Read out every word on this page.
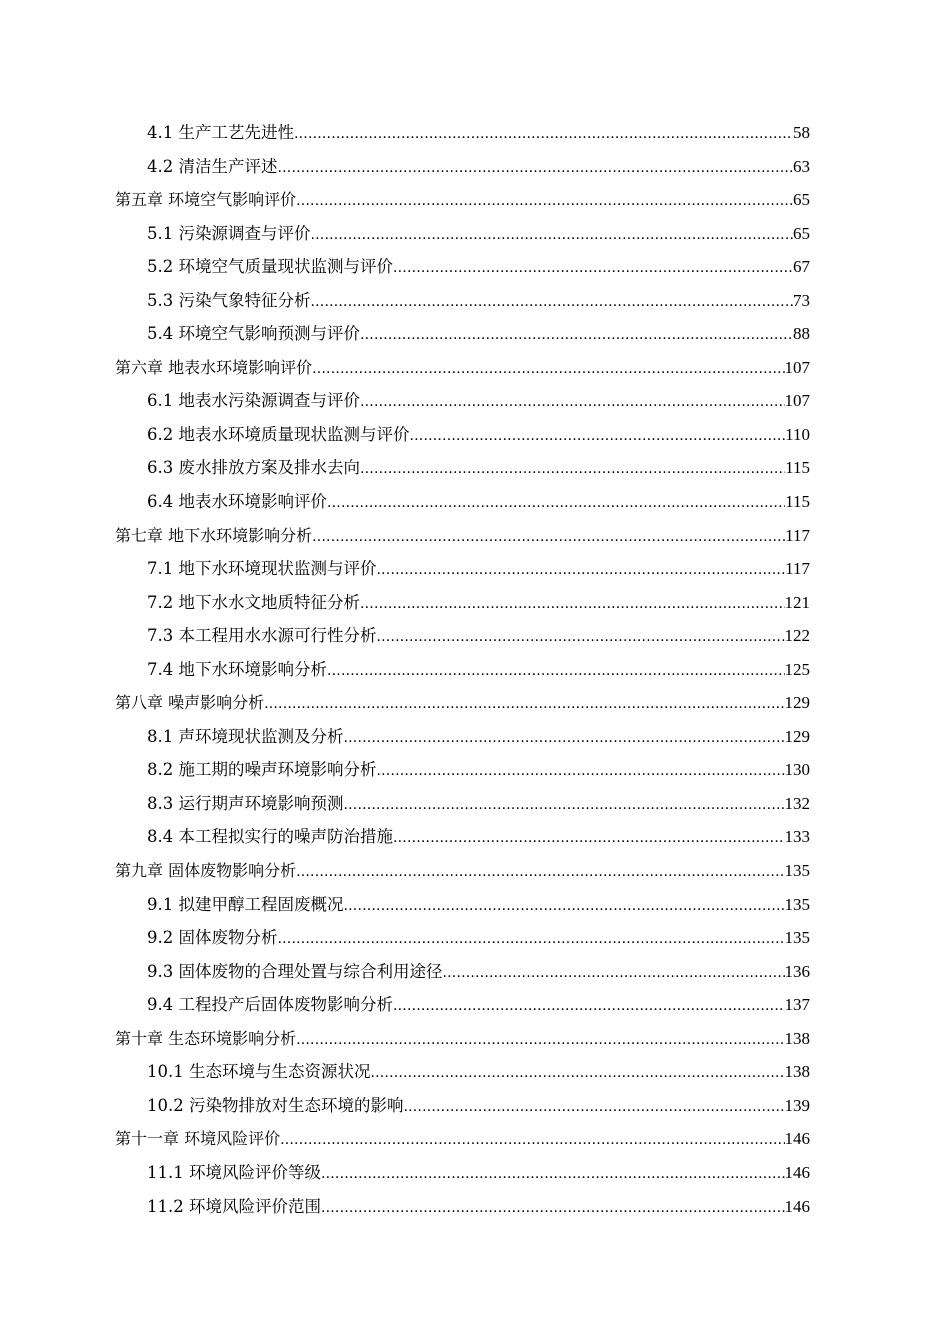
4.1 生产工艺先进性 .....	58
4.2 清洁生产评述 .....	63
第五章 环境空气影响评价 .....	65
5.1 污染源调查与评价 .....	65
5.2 环境空气质量现状监测与评价 .....	67
5.3 污染气象特征分析 .....	73
5.4 环境空气影响预测与评价 .....	88
第六章 地表水环境影响评价 .....	107
6.1 地表水污染源调查与评价 .....	107
6.2 地表水环境质量现状监测与评价 .....	110
6.3 废水排放方案及排水去向 .....	115
6.4 地表水环境影响评价 .....	115
第七章 地下水环境影响分析 .....	117
7.1 地下水环境现状监测与评价 .....	117
7.2 地下水水文地质特征分析 .....	121
7.3 本工程用水水源可行性分析 .....	122
7.4 地下水环境影响分析 .....	125
第八章 噪声影响分析 .....	129
8.1 声环境现状监测及分析 .....	129
8.2 施工期的噪声环境影响分析 .....	130
8.3 运行期声环境影响预测 .....	132
8.4 本工程拟实行的噪声防治措施 .....	133
第九章 固体废物影响分析 .....	135
9.1 拟建甲醇工程固废概况 .....	135
9.2 固体废物分析 .....	135
9.3 固体废物的合理处置与综合利用途径 .....	136
9.4 工程投产后固体废物影响分析 .....	137
第十章 生态环境影响分析 .....	138
10.1 生态环境与生态资源状况 .....	138
10.2 污染物排放对生态环境的影响 .....	139
第十一章 环境风险评价 .....	146
11.1 环境风险评价等级 .....	146
11.2 环境风险评价范围 .....	146
